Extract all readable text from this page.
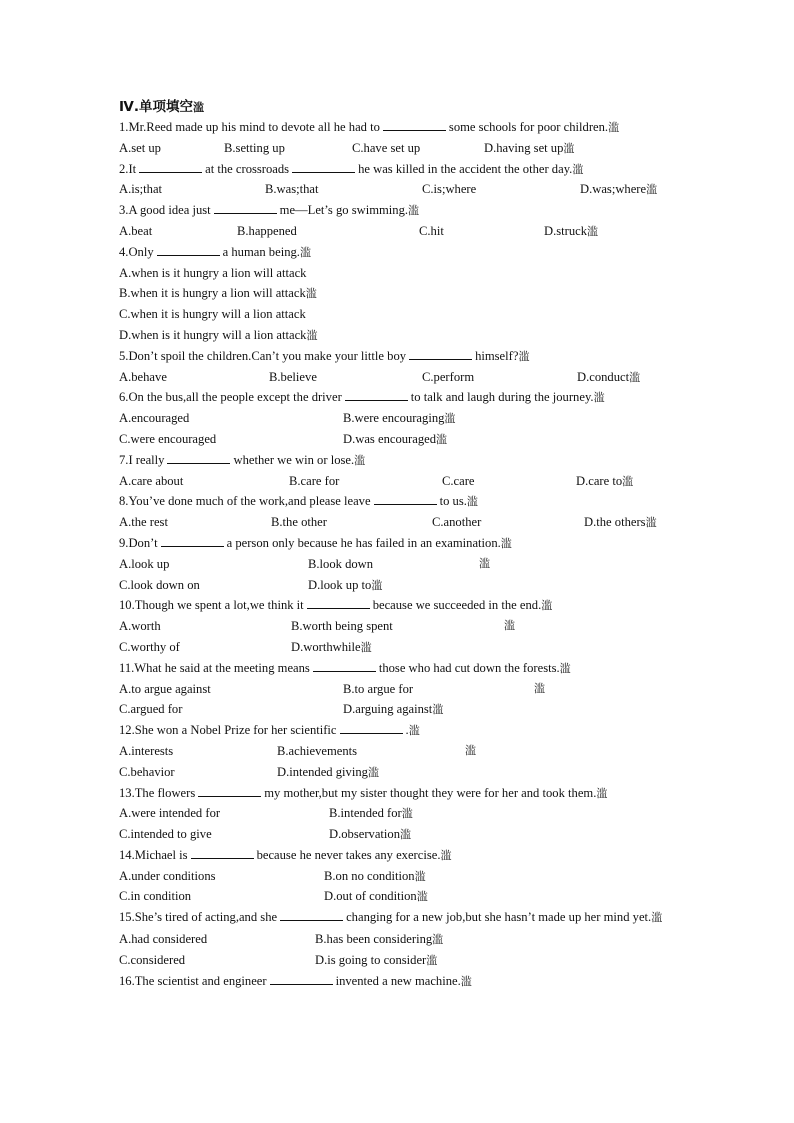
Ⅳ.单项填空滥
1.Mr.Reed made up his mind to devote all he had to	some schools for poor children.滥
A.set up	B.setting up	C.have set up	D.having set up滥
2.It	at the crossroads	he was killed in the accident the other day.滥
A.is;that	B.was;that	C.is;where	D.was;where滥
3.A good idea just	me—Let’s go swimming.滥
A.beat	B.happened	C.hit	D.struck滥
4.Only	a human being.滥
A.when is it hungry a lion will attack
B.when it is hungry a lion will attack滥
C.when it is hungry will a lion attack
D.when is it hungry will a lion attack滥
5.Don’t spoil the children.Can’t you make your little boy	himself?滥
A.behave	B.believe	C.perform	D.conduct滥
6.On the bus,all the people except the driver	to talk and laugh during the journey.滥
A.encouraged	B.were encouraging滥
C.were encouraged	D.was encouraged滥
7.I really	whether we win or lose.滥
A.care about	B.care for	C.care	D.care to滥
8.You’ve done much of the work,and please leave	to us.滥
A.the rest	B.the other	C.another	D.the others滥
9.Don’t	a person only because he has failed in an examination.滥
A.look up	B.look down	滥
C.look down on	D.look up to滥
10.Though we spent a lot,we think it	because we succeeded in the end.滥
A.worth	B.worth being spent	滥
C.worthy of	D.worthwhile滥
11.What he said at the meeting means	those who had cut down the forests.滥
A.to argue against	B.to argue for	滥
C.argued for	D.arguing against滥
12.She won a Nobel Prize for her scientific	.滥
A.interests	B.achievements	滥
C.behavior	D.intended giving滥
13.The flowers	my mother,but my sister thought they were for her and took them.滥
A.were intended for	B.intended for滥
C.intended to give	D.observation滥
14.Michael is	because he never takes any exercise.滥
A.under conditions	B.on no condition滥
C.in condition	D.out of condition滥
15.She’s tired of acting,and she	changing for a new job,but she hasn’t made up her mind yet.滥
A.had considered	B.has been considering滥
C.considered	D.is going to consider滥
16.The scientist and engineer	invented a new machine.滥
